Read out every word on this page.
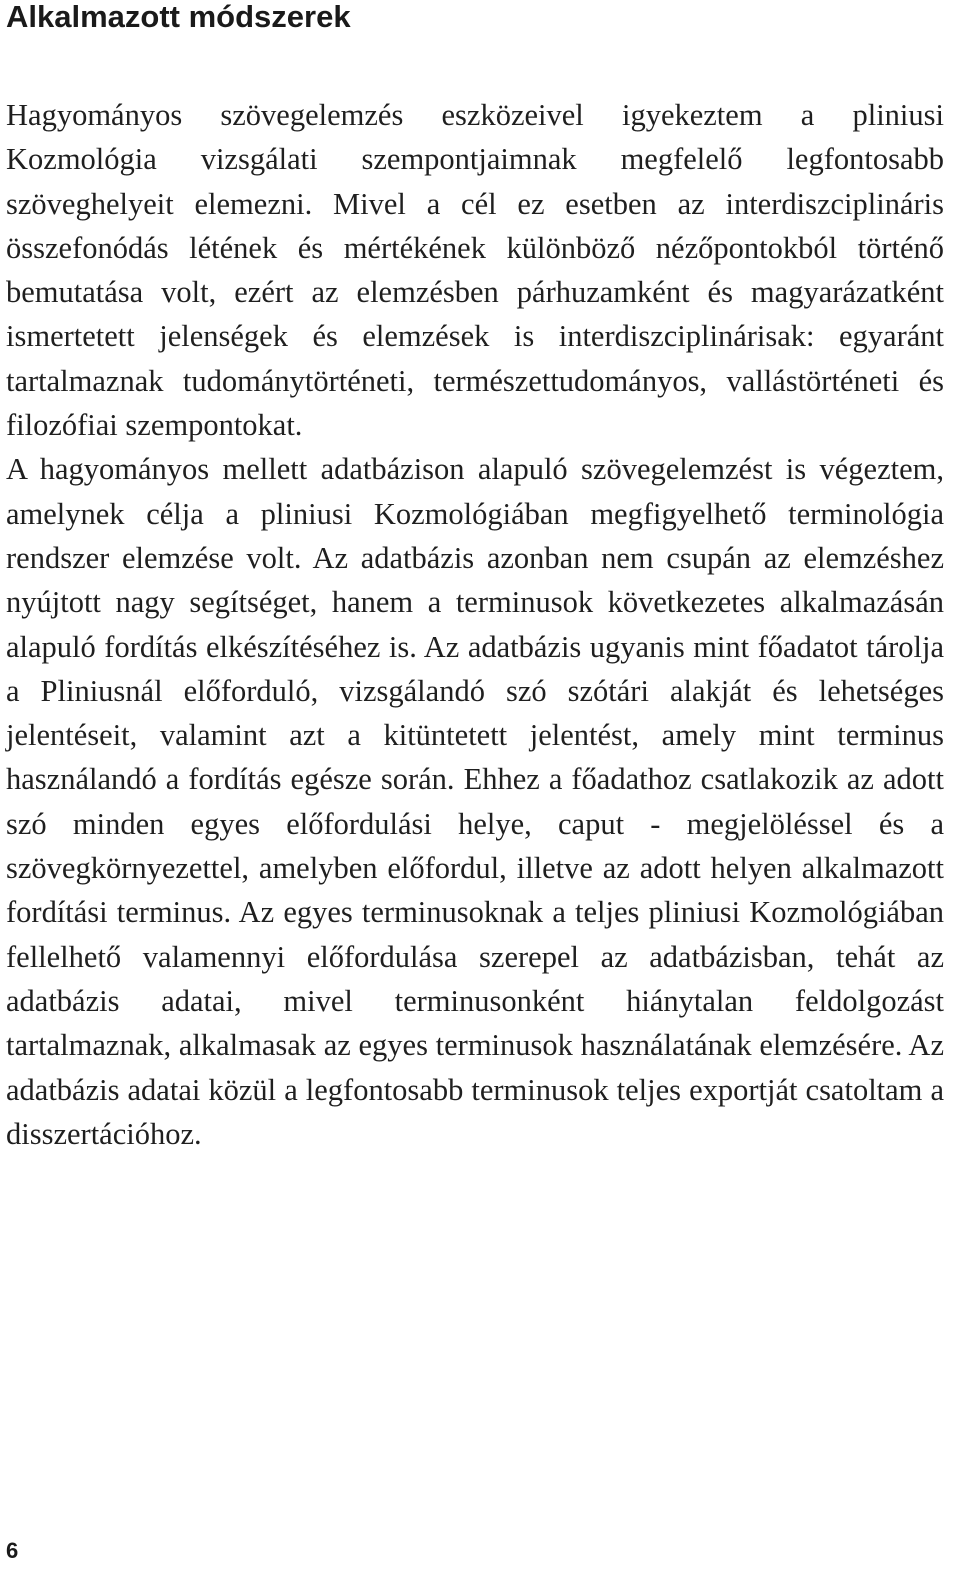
Alkalmazott módszerek

Hagyományos szövegelemzés eszközeivel igyekeztem a pliniusi Kozmológia vizsgálati szempontjaimnak megfelelő legfontosabb szöveghelyeit elemezni. Mivel a cél ez esetben az interdiszciplináris összefonódás létének és mértékének különböző nézőpontokból történő bemutatása volt, ezért az elemzésben párhuzamként és magyarázatként ismertetett jelenségek és elemzések is interdiszciplinárisak: egyaránt tartalmaznak tudománytörténeti, természettudományos, vallástörténeti és filozófiai szempontokat.

A hagyományos mellett adatbázison alapuló szövegelemzést is végeztem, amelynek célja a pliniusi Kozmológiában megfigyelhető terminológia rendszer elemzése volt. Az adatbázis azonban nem csupán az elemzéshez nyújtott nagy segítséget, hanem a terminusok következetes alkalmazásán alapuló fordítás elkészítéséhez is. Az adatbázis ugyanis mint főadatot tárolja a Pliniusnál előforduló, vizsgálandó szó szótári alakját és lehetséges jelentéseit, valamint azt a kitüntetett jelentést, amely mint terminus használandó a fordítás egésze során. Ehhez a főadathoz csatlakozik az adott szó minden egyes előfordulási helye, caput - megjelöléssel és a szövegkörnyezettel, amelyben előfordul, illetve az adott helyen alkalmazott fordítási terminus. Az egyes terminusoknak a teljes pliniusi Kozmológiában fellelhető valamennyi előfordulása szerepel az adatbázisban, tehát az adatbázis adatai, mivel terminusonként hiánytalan feldolgozást tartalmaznak, alkalmasak az egyes terminusok használatának elemzésére. Az adatbázis adatai közül a legfontosabb terminusok teljes exportját csatoltam a disszertációhoz.

6
